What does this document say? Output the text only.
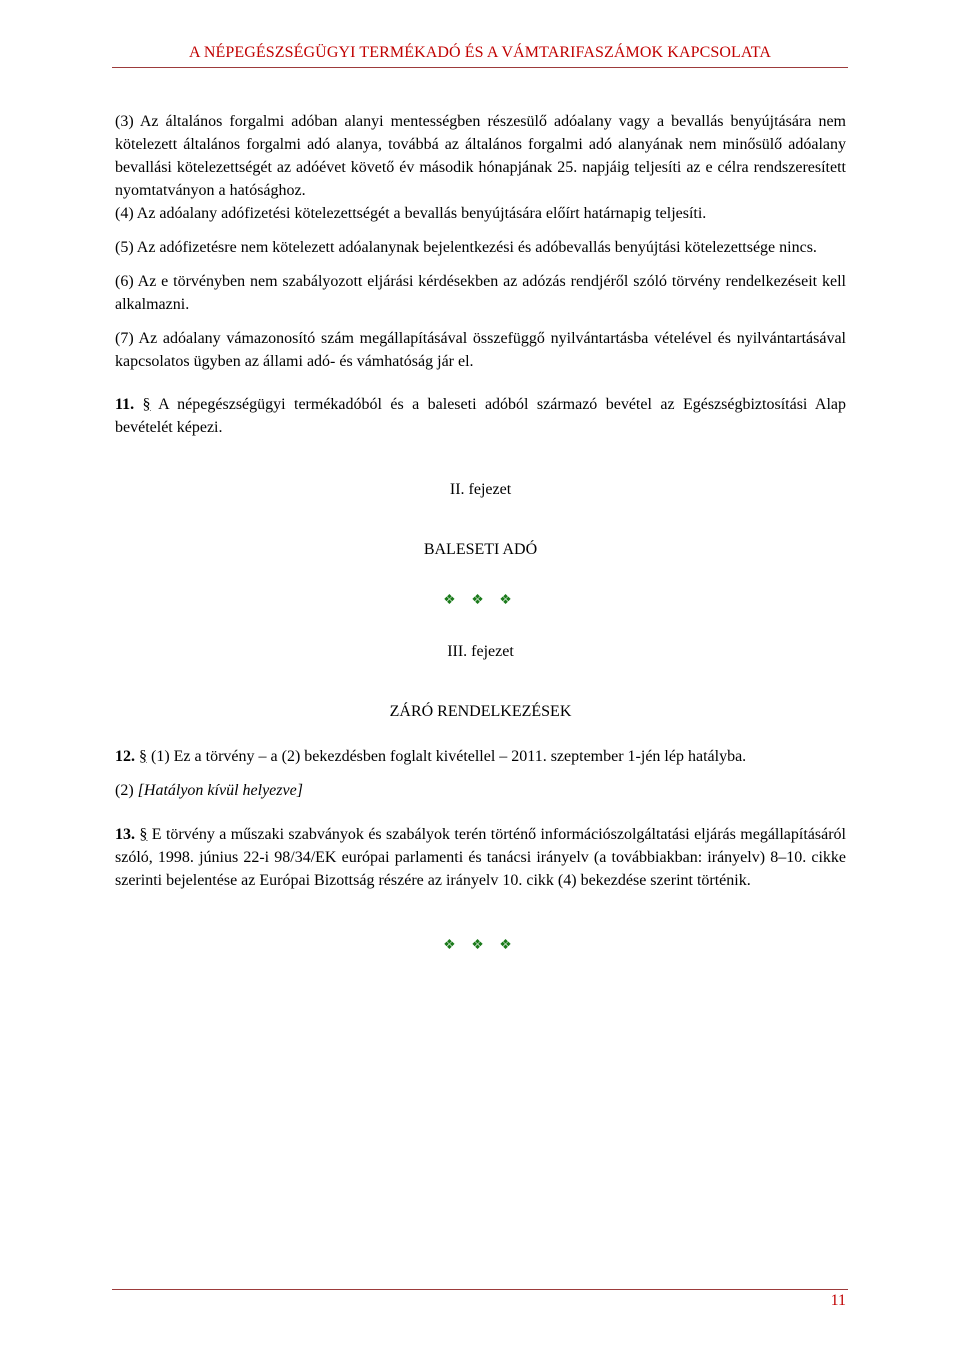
A NÉPEGÉSZSÉGÜGYI TERMÉKADÓ ÉS A VÁMTARIFASZÁMOK KAPCSOLATA

(3) Az általános forgalmi adóban alanyi mentességben részesülő adóalany vagy a bevallás benyújtására nem kötelezett általános forgalmi adó alanya, továbbá az általános forgalmi adó alanyának nem minősülő adóalany bevallási kötelezettségét az adóévet követő év második hónapjának 25. napjáig teljesíti az e célra rendszeresített nyomtatványon a hatósághoz.

(4) Az adóalany adófizetési kötelezettségét a bevallás benyújtására előírt határnapig teljesíti.

(5) Az adófizetésre nem kötelezett adóalanynak bejelentkezési és adóbevallás benyújtási kötelezettsége nincs.

(6) Az e törvényben nem szabályozott eljárási kérdésekben az adózás rendjéről szóló törvény rendelkezéseit kell alkalmazni.

(7) Az adóalany vámazonosító szám megállapításával összefüggő nyilvántartásba vételével és nyilvántartásával kapcsolatos ügyben az állami adó- és vámhatóság jár el.

11. § A népegészségügyi termékadóból és a baleseti adóból származó bevétel az Egészségbiztosítási Alap bevételét képezi.

II. fejezet

BALESETI ADÓ

❖ ❖ ❖

III. fejezet

ZÁRÓ RENDELKEZÉSEK

12. § (1) Ez a törvény ‒ a (2) bekezdésben foglalt kivétellel ‒ 2011. szeptember 1-jén lép hatályba.

(2) [Hatályon kívül helyezve]

13. § E törvény a műszaki szabványok és szabályok terén történő információszolgáltatási eljárás megállapításáról szóló, 1998. június 22-i 98/34/EK európai parlamenti és tanácsi irányelv (a továbbiakban: irányelv) 8‒10. cikke szerinti bejelentése az Európai Bizottság részére az irányelv 10. cikk (4) bekezdése szerint történik.

❖ ❖ ❖

11
